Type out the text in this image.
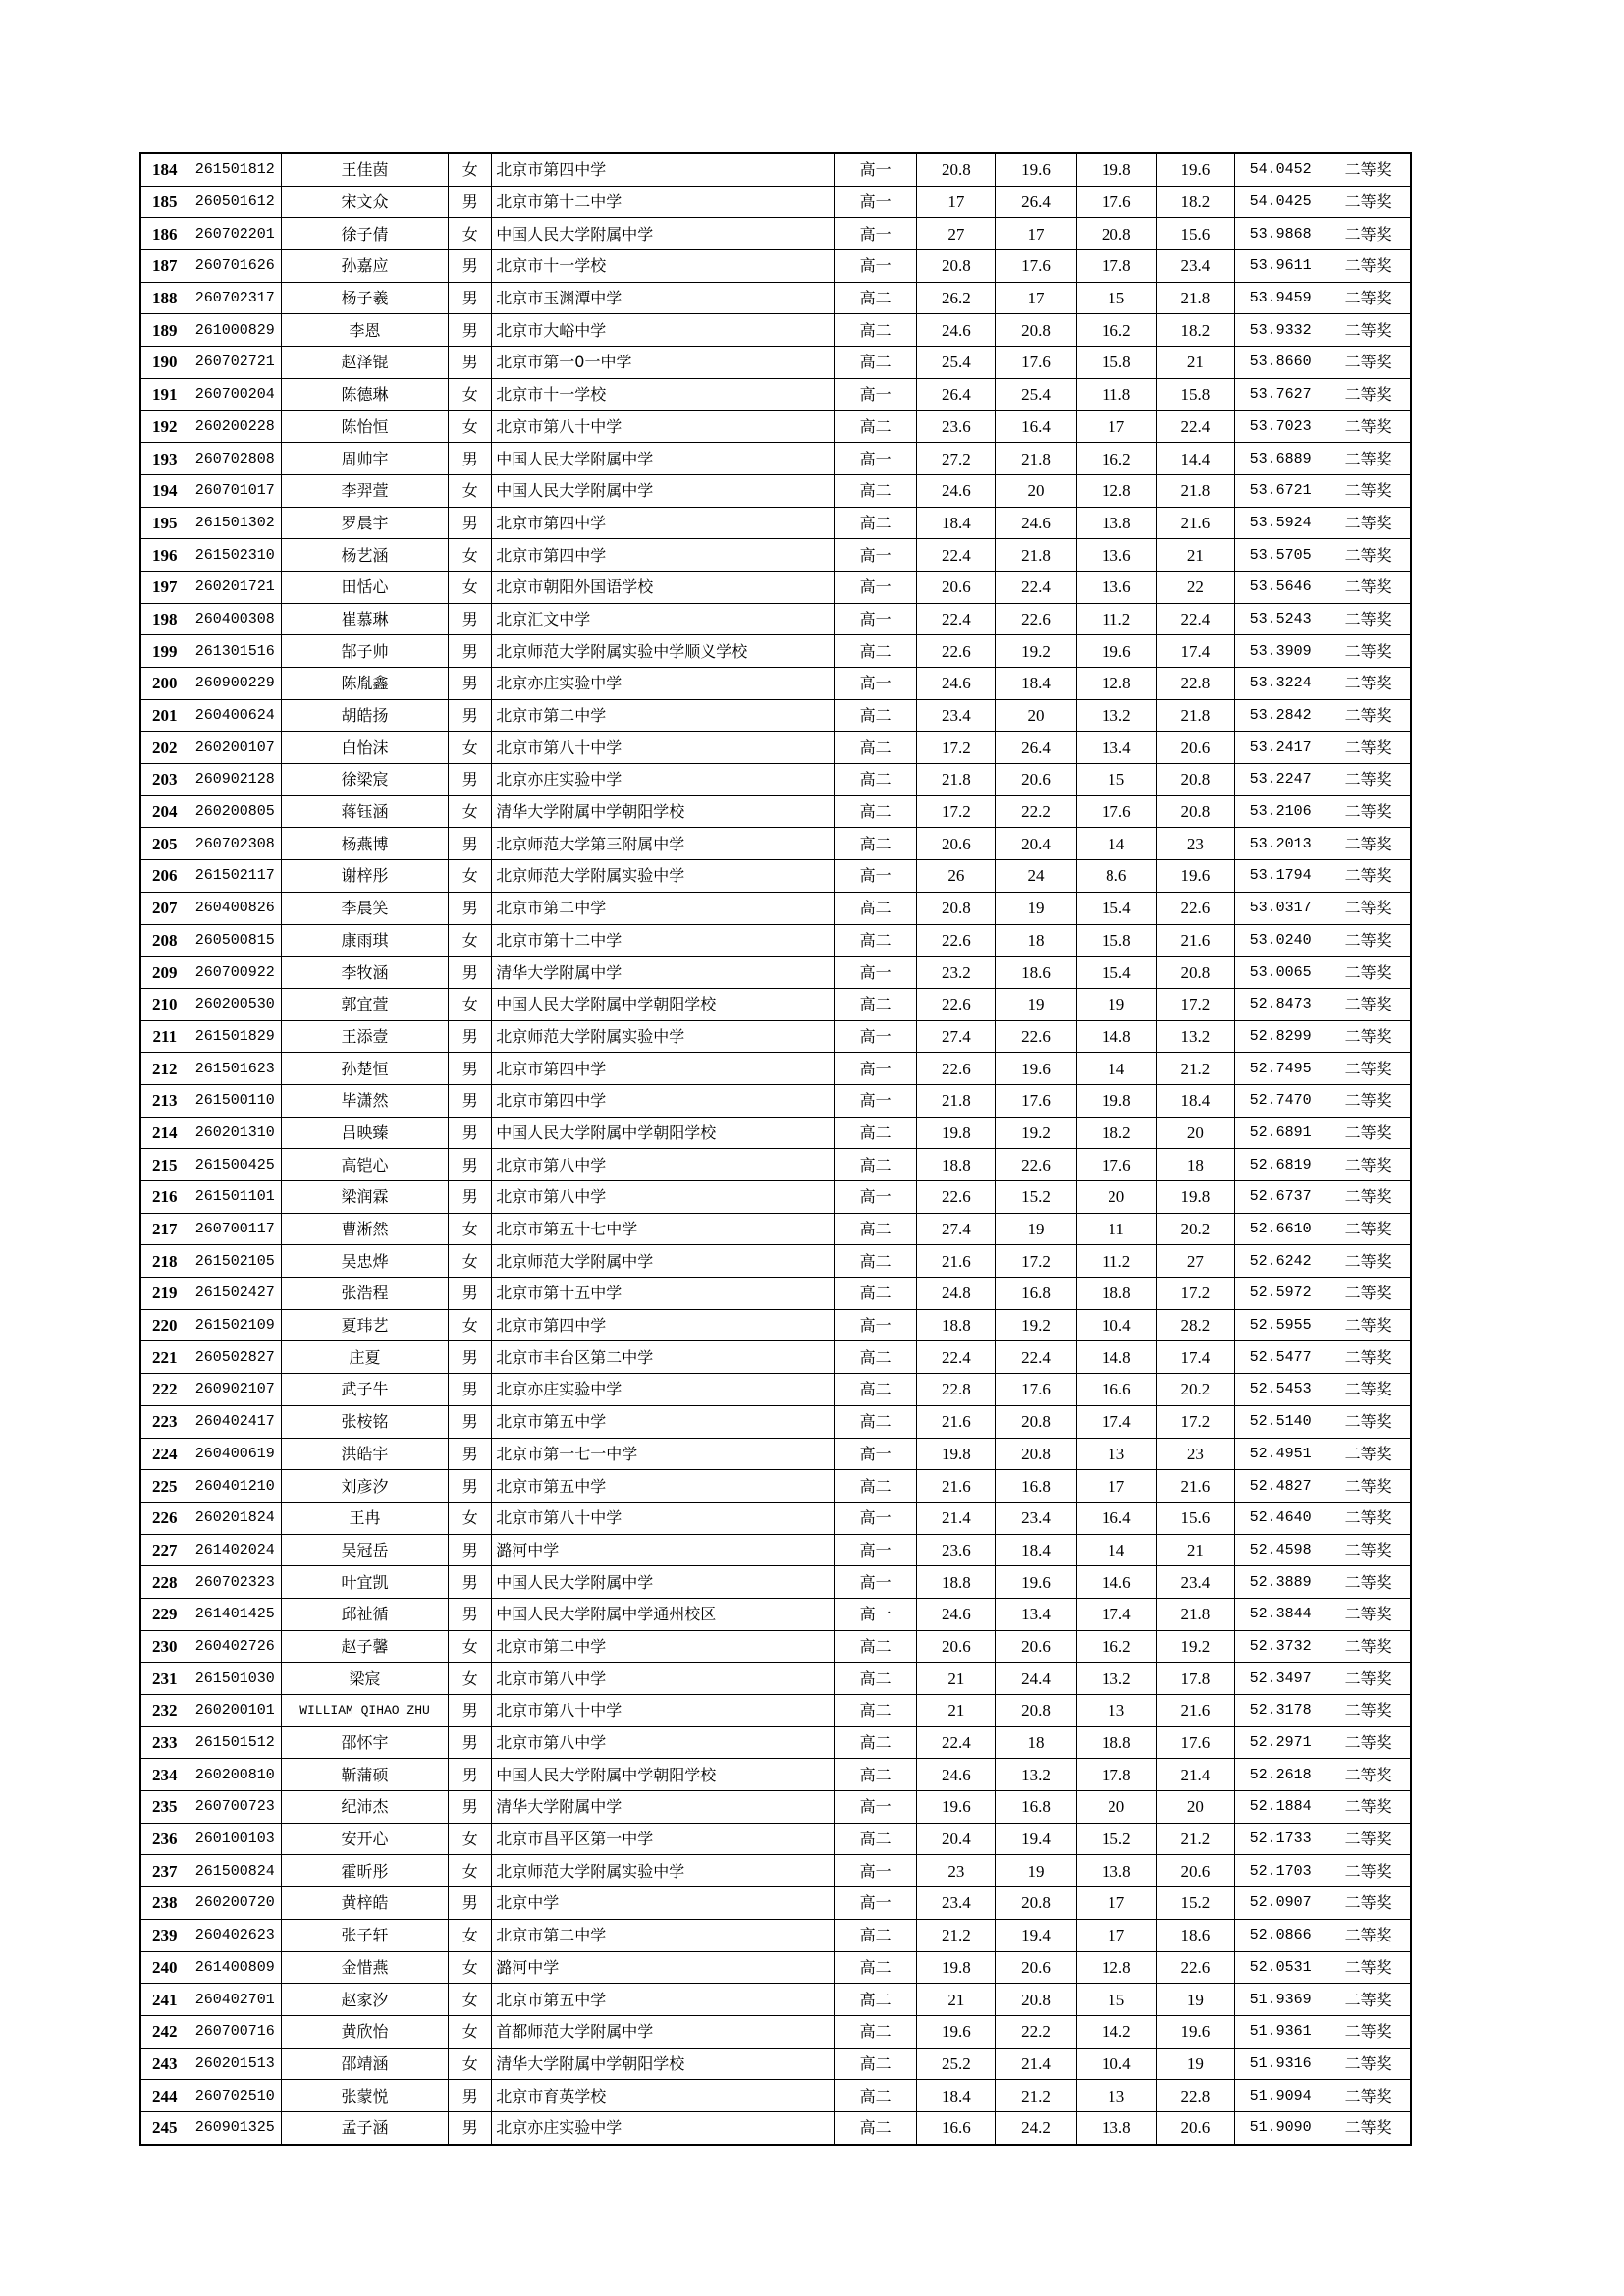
184	261501812	王佳茵	女	北京市第四中学	高一	20.8	19.6	19.8	19.6	54.0452	二等奖
185	260501612	宋文众	男	北京市第十二中学	高一	17	26.4	17.6	18.2	54.0425	二等奖
186	260702201	徐子倩	女	中国人民大学附属中学	高一	27	17	20.8	15.6	53.9868	二等奖
187	260701626	孙嘉应	男	北京市十一学校	高一	20.8	17.6	17.8	23.4	53.9611	二等奖
188	260702317	杨子羲	男	北京市玉渊潭中学	高二	26.2	17	15	21.8	53.9459	二等奖
189	261000829	李恩	男	北京市大峪中学	高二	24.6	20.8	16.2	18.2	53.9332	二等奖
190	260702721	赵泽锟	男	北京市第一0一中学	高二	25.4	17.6	15.8	21	53.8660	二等奖
191	260700204	陈德琳	女	北京市十一学校	高一	26.4	25.4	11.8	15.8	53.7627	二等奖
192	260200228	陈怡恒	女	北京市第八十中学	高二	23.6	16.4	17	22.4	53.7023	二等奖
193	260702808	周帅宇	男	中国人民大学附属中学	高一	27.2	21.8	16.2	14.4	53.6889	二等奖
194	260701017	李羿萱	女	中国人民大学附属中学	高二	24.6	20	12.8	21.8	53.6721	二等奖
195	261501302	罗晨宇	男	北京市第四中学	高二	18.4	24.6	13.8	21.6	53.5924	二等奖
196	261502310	杨艺涵	女	北京市第四中学	高一	22.4	21.8	13.6	21	53.5705	二等奖
197	260201721	田恬心	女	北京市朝阳外国语学校	高一	20.6	22.4	13.6	22	53.5646	二等奖
198	260400308	崔慕琳	男	北京汇文中学	高一	22.4	22.6	11.2	22.4	53.5243	二等奖
199	261301516	郜子帅	男	北京师范大学附属实验中学顺义学校	高二	22.6	19.2	19.6	17.4	53.3909	二等奖
200	260900229	陈胤鑫	男	北京亦庄实验中学	高一	24.6	18.4	12.8	22.8	53.3224	二等奖
201	260400624	胡皓扬	男	北京市第二中学	高二	23.4	20	13.2	21.8	53.2842	二等奖
202	260200107	白怡沫	女	北京市第八十中学	高二	17.2	26.4	13.4	20.6	53.2417	二等奖
203	260902128	徐梁宸	男	北京亦庄实验中学	高二	21.8	20.6	15	20.8	53.2247	二等奖
204	260200805	蒋钰涵	女	清华大学附属中学朝阳学校	高二	17.2	22.2	17.6	20.8	53.2106	二等奖
205	260702308	杨燕博	男	北京师范大学第三附属中学	高二	20.6	20.4	14	23	53.2013	二等奖
206	261502117	谢梓彤	女	北京师范大学附属实验中学	高一	26	24	8.6	19.6	53.1794	二等奖
207	260400826	李晨笑	男	北京市第二中学	高二	20.8	19	15.4	22.6	53.0317	二等奖
208	260500815	康雨琪	女	北京市第十二中学	高二	22.6	18	15.8	21.6	53.0240	二等奖
209	260700922	李牧涵	男	清华大学附属中学	高一	23.2	18.6	15.4	20.8	53.0065	二等奖
210	260200530	郭宜萱	女	中国人民大学附属中学朝阳学校	高二	22.6	19	19	17.2	52.8473	二等奖
211	261501829	王添壹	男	北京师范大学附属实验中学	高一	27.4	22.6	14.8	13.2	52.8299	二等奖
212	261501623	孙楚恒	男	北京市第四中学	高一	22.6	19.6	14	21.2	52.7495	二等奖
213	261500110	毕潇然	男	北京市第四中学	高一	21.8	17.6	19.8	18.4	52.7470	二等奖
214	260201310	吕映臻	男	中国人民大学附属中学朝阳学校	高二	19.8	19.2	18.2	20	52.6891	二等奖
215	261500425	高铠心	男	北京市第八中学	高二	18.8	22.6	17.6	18	52.6819	二等奖
216	261501101	梁润霖	男	北京市第八中学	高一	22.6	15.2	20	19.8	52.6737	二等奖
217	260700117	曹淅然	女	北京市第五十七中学	高二	27.4	19	11	20.2	52.6610	二等奖
218	261502105	吴忠烨	女	北京师范大学附属中学	高二	21.6	17.2	11.2	27	52.6242	二等奖
219	261502427	张浩程	男	北京市第十五中学	高二	24.8	16.8	18.8	17.2	52.5972	二等奖
220	261502109	夏玮艺	女	北京市第四中学	高一	18.8	19.2	10.4	28.2	52.5955	二等奖
221	260502827	庄夏	男	北京市丰台区第二中学	高二	22.4	22.4	14.8	17.4	52.5477	二等奖
222	260902107	武子牛	男	北京亦庄实验中学	高二	22.8	17.6	16.6	20.2	52.5453	二等奖
223	260402417	张桉铭	男	北京市第五中学	高二	21.6	20.8	17.4	17.2	52.5140	二等奖
224	260400619	洪皓宇	男	北京市第一七一中学	高一	19.8	20.8	13	23	52.4951	二等奖
225	260401210	刘彦汐	男	北京市第五中学	高二	21.6	16.8	17	21.6	52.4827	二等奖
226	260201824	王冉	女	北京市第八十中学	高一	21.4	23.4	16.4	15.6	52.4640	二等奖
227	261402024	吴冠岳	男	潞河中学	高一	23.6	18.4	14	21	52.4598	二等奖
228	260702323	叶宜凯	男	中国人民大学附属中学	高一	18.8	19.6	14.6	23.4	52.3889	二等奖
229	261401425	邱祉循	男	中国人民大学附属中学通州校区	高一	24.6	13.4	17.4	21.8	52.3844	二等奖
230	260402726	赵子馨	女	北京市第二中学	高二	20.6	20.6	16.2	19.2	52.3732	二等奖
231	261501030	梁宸	女	北京市第八中学	高二	21	24.4	13.2	17.8	52.3497	二等奖
232	260200101	WILLIAM QIHAO ZHU	男	北京市第八十中学	高二	21	20.8	13	21.6	52.3178	二等奖
233	261501512	邵怀宇	男	北京市第八中学	高二	22.4	18	18.8	17.6	52.2971	二等奖
234	260200810	靳蒲硕	男	中国人民大学附属中学朝阳学校	高二	24.6	13.2	17.8	21.4	52.2618	二等奖
235	260700723	纪沛杰	男	清华大学附属中学	高一	19.6	16.8	20	20	52.1884	二等奖
236	260100103	安开心	女	北京市昌平区第一中学	高二	20.4	19.4	15.2	21.2	52.1733	二等奖
237	261500824	霍昕彤	女	北京师范大学附属实验中学	高一	23	19	13.8	20.6	52.1703	二等奖
238	260200720	黄梓皓	男	北京中学	高一	23.4	20.8	17	15.2	52.0907	二等奖
239	260402623	张子轩	女	北京市第二中学	高二	21.2	19.4	17	18.6	52.0866	二等奖
240	261400809	金惜燕	女	潞河中学	高二	19.8	20.6	12.8	22.6	52.0531	二等奖
241	260402701	赵家汐	女	北京市第五中学	高二	21	20.8	15	19	51.9369	二等奖
242	260700716	黄欣怡	女	首都师范大学附属中学	高二	19.6	22.2	14.2	19.6	51.9361	二等奖
243	260201513	邵靖涵	女	清华大学附属中学朝阳学校	高二	25.2	21.4	10.4	19	51.9316	二等奖
244	260702510	张蒙悦	男	北京市育英学校	高二	18.4	21.2	13	22.8	51.9094	二等奖
245	260901325	孟子涵	男	北京亦庄实验中学	高二	16.6	24.2	13.8	20.6	51.9090	二等奖
